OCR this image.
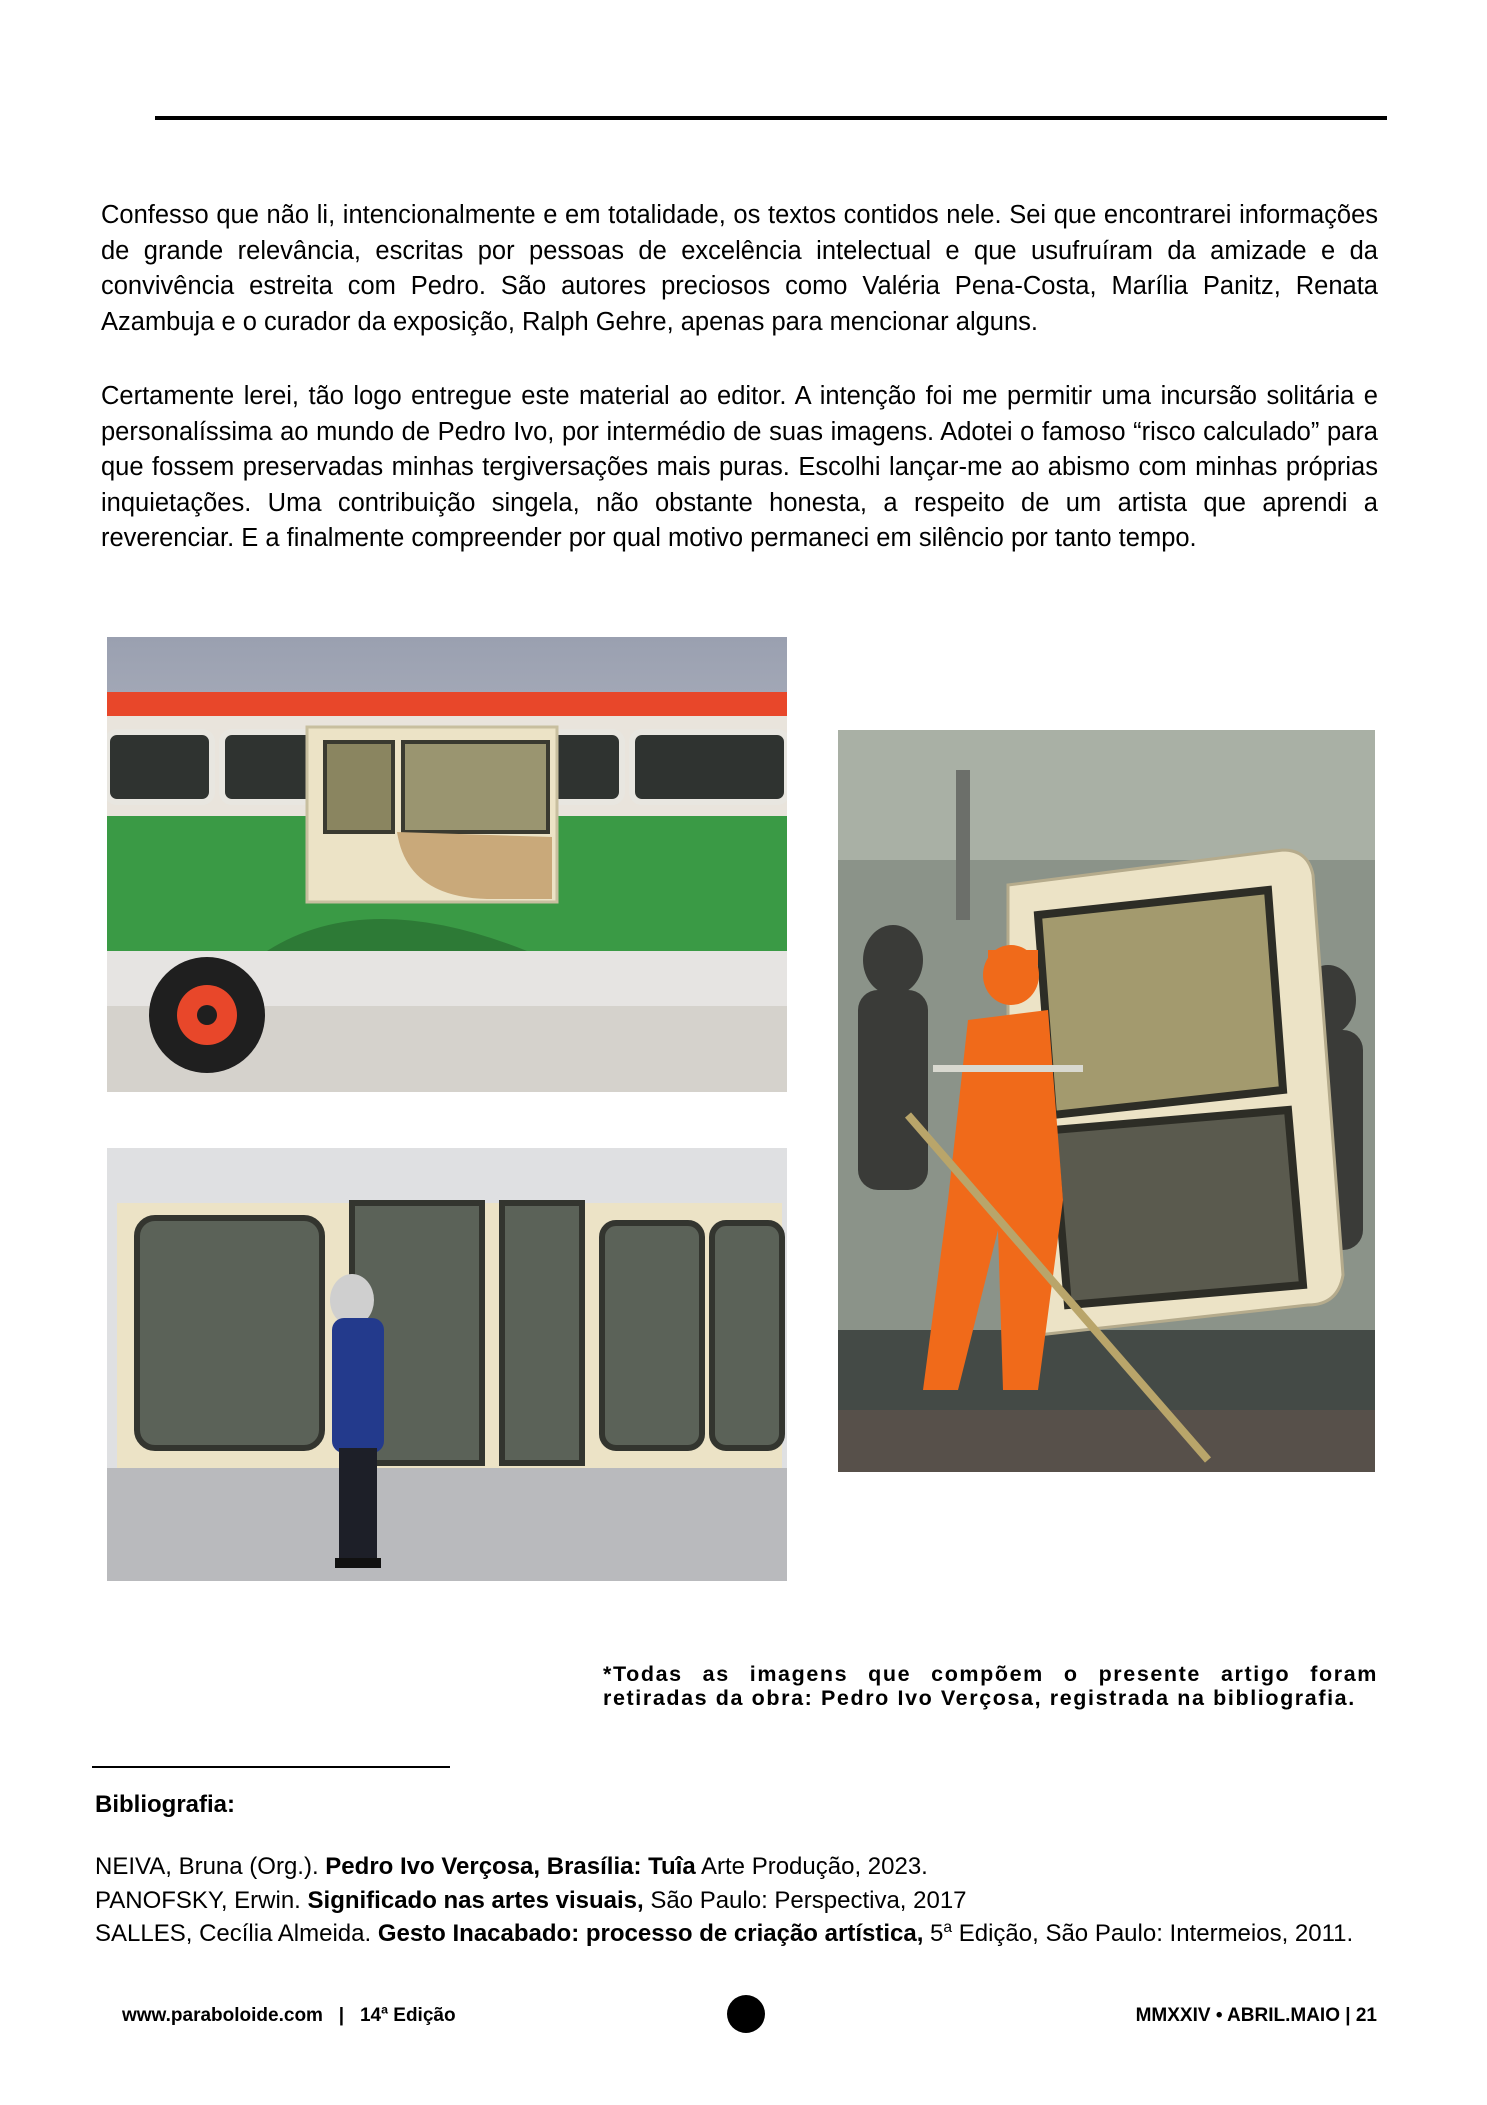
Confesso que não li, intencionalmente e em totalidade, os textos contidos nele. Sei que encontrarei informações de grande relevância, escritas por pessoas de excelência intelectual e que usufruíram da amizade e da convivência estreita com Pedro. São autores preciosos como Valéria Pena-Costa, Marília Panitz, Renata Azambuja e o curador da exposição, Ralph Gehre, apenas para mencionar alguns.

Certamente lerei, tão logo entregue este material ao editor. A intenção foi me permitir uma incursão solitária e personalíssima ao mundo de Pedro Ivo, por intermédio de suas imagens. Adotei o famoso “risco calculado” para que fossem preservadas minhas tergiversações mais puras. Escolhi lançar-me ao abismo com minhas próprias inquietações. Uma contribuição singela, não obstante honesta, a respeito de um artista que aprendi a reverenciar. E a finalmente compreender por qual motivo permaneci em silêncio por tanto tempo.

*Todas as imagens que compõem o presente artigo foram retiradas da obra: Pedro Ivo Verçosa, registrada na bibliografia.

Bibliografia:

NEIVA, Bruna (Org.). Pedro Ivo Verçosa, Brasília: Tuîa Arte Produção, 2023.
PANOFSKY, Erwin. Significado nas artes visuais, São Paulo: Perspectiva, 2017
SALLES, Cecília Almeida. Gesto Inacabado: processo de criação artística, 5$^a$ Edição, São Paulo: Intermeios, 2011.
www.paraboloide.com | 14$^a$ Edição	MMXXIV • ABRIL.MAIO | 21
